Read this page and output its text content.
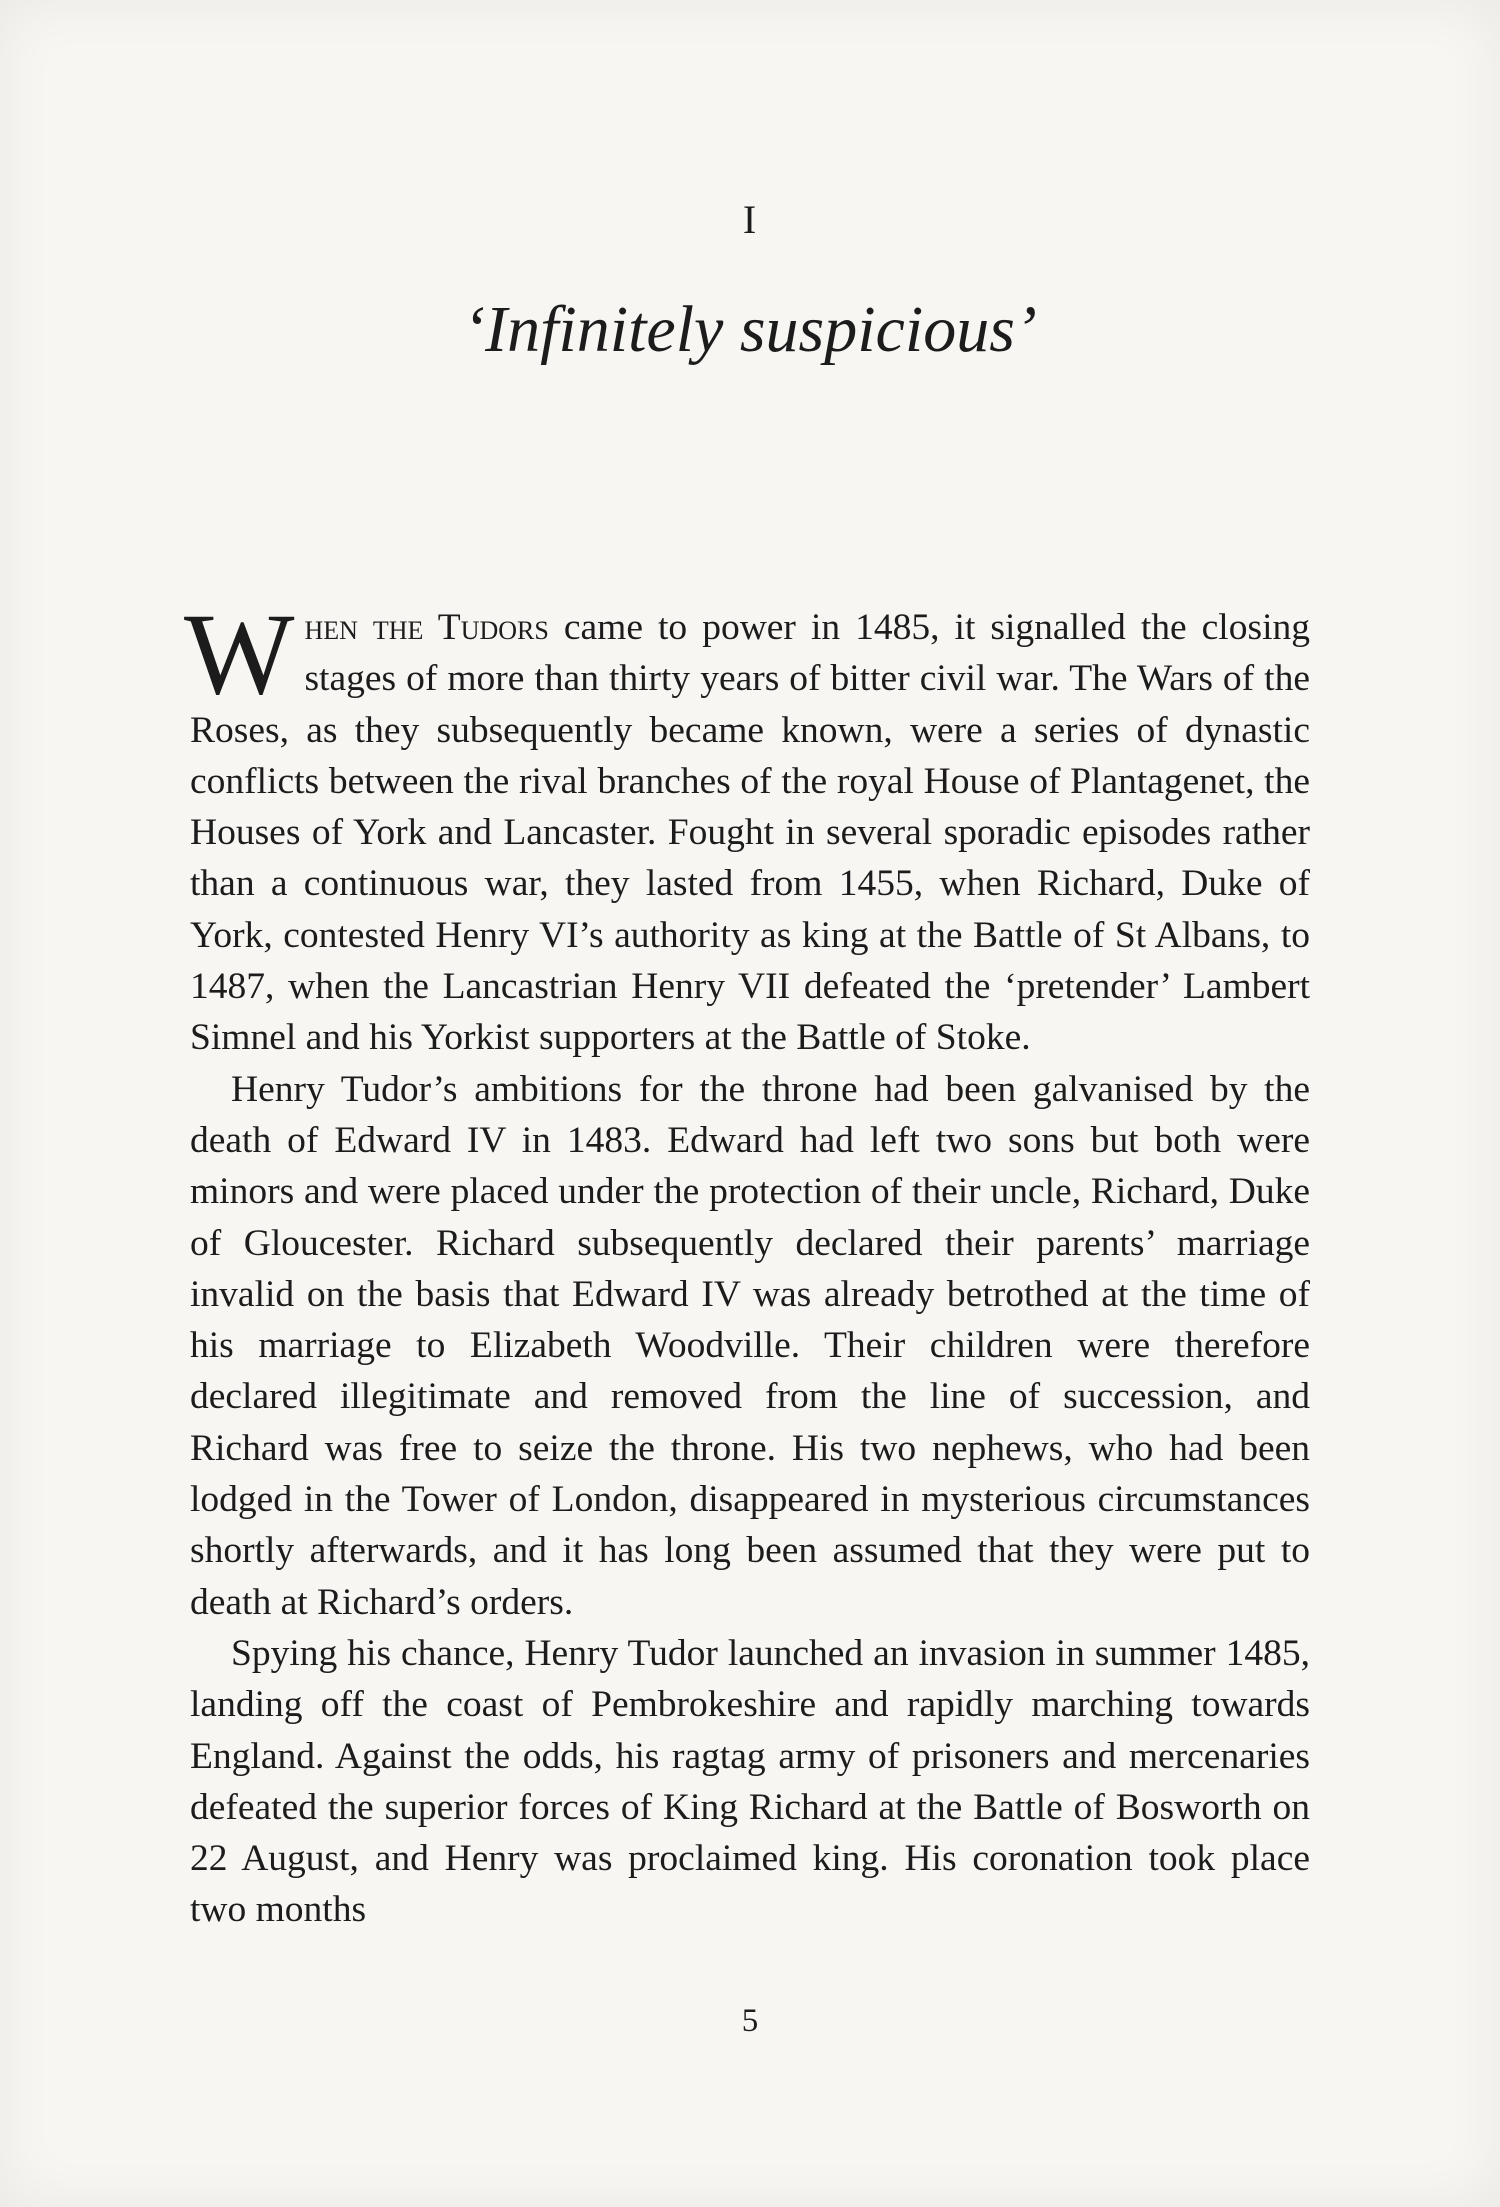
I
‘Infinitely suspicious’

When the Tudors came to power in 1485, it signalled the closing stages of more than thirty years of bitter civil war. The Wars of the Roses, as they subsequently became known, were a series of dynastic conflicts between the rival branches of the royal House of Plantagenet, the Houses of York and Lancaster. Fought in several sporadic episodes rather than a continuous war, they lasted from 1455, when Richard, Duke of York, contested Henry VI’s authority as king at the Battle of St Albans, to 1487, when the Lancastrian Henry VII defeated the ‘pretender’ Lambert Simnel and his Yorkist supporters at the Battle of Stoke.

Henry Tudor’s ambitions for the throne had been galvanised by the death of Edward IV in 1483. Edward had left two sons but both were minors and were placed under the protection of their uncle, Richard, Duke of Gloucester. Richard subsequently declared their parents’ marriage invalid on the basis that Edward IV was already betrothed at the time of his marriage to Elizabeth Woodville. Their children were therefore declared illegitimate and removed from the line of succession, and Richard was free to seize the throne. His two nephews, who had been lodged in the Tower of London, disappeared in mysterious circumstances shortly afterwards, and it has long been assumed that they were put to death at Richard’s orders.

Spying his chance, Henry Tudor launched an invasion in summer 1485, landing off the coast of Pembrokeshire and rapidly marching towards England. Against the odds, his ragtag army of prisoners and mercenaries defeated the superior forces of King Richard at the Battle of Bosworth on 22 August, and Henry was proclaimed king. His coronation took place two months

5
